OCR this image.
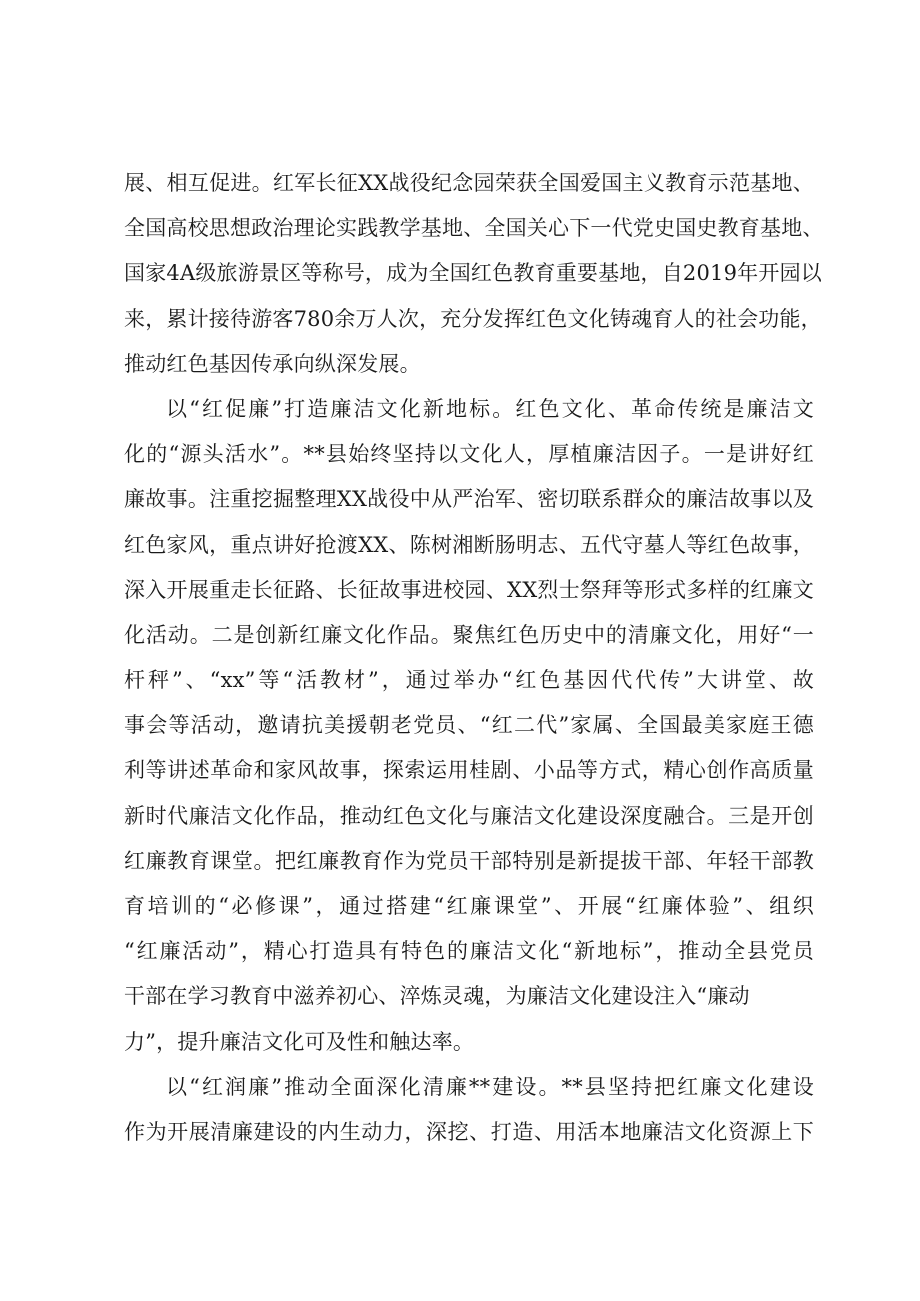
展、相互促进。红军长征XX战役纪念园荣获全国爱国主义教育示范基地、
全国高校思想政治理论实践教学基地、全国关心下一代党史国史教育基地、
国家4A级旅游景区等称号，成为全国红色教育重要基地，自2019年开园以
来，累计接待游客780余万人次，充分发挥红色文化铸魂育人的社会功能，
推动红色基因传承向纵深发展。
以“红促廉”打造廉洁文化新地标。红色文化、革命传统是廉洁文
化的“源头活水”。**县始终坚持以文化人，厚植廉洁因子。一是讲好红
廉故事。注重挖掘整理XX战役中从严治军、密切联系群众的廉洁故事以及
红色家风，重点讲好抢渡XX、陈树湘断肠明志、五代守墓人等红色故事，
深入开展重走长征路、长征故事进校园、XX烈士祭拜等形式多样的红廉文
化活动。二是创新红廉文化作品。聚焦红色历史中的清廉文化，用好“一
杆秤”、“xx”等“活教材”，通过举办“红色基因代代传”大讲堂、故
事会等活动，邀请抗美援朝老党员、“红二代”家属、全国最美家庭王德
利等讲述革命和家风故事，探索运用桂剧、小品等方式，精心创作高质量
新时代廉洁文化作品，推动红色文化与廉洁文化建设深度融合。三是开创
红廉教育课堂。把红廉教育作为党员干部特别是新提拔干部、年轻干部教
育培训的“必修课”，通过搭建“红廉课堂”、开展“红廉体验”、组织
“红廉活动”，精心打造具有特色的廉洁文化“新地标”，推动全县党员
干部在学习教育中滋养初心、淬炼灵魂，为廉洁文化建设注入“廉动
力”，提升廉洁文化可及性和触达率。
以“红润廉”推动全面深化清廉**建设。**县坚持把红廉文化建设
作为开展清廉建设的内生动力，深挖、打造、用活本地廉洁文化资源上下
